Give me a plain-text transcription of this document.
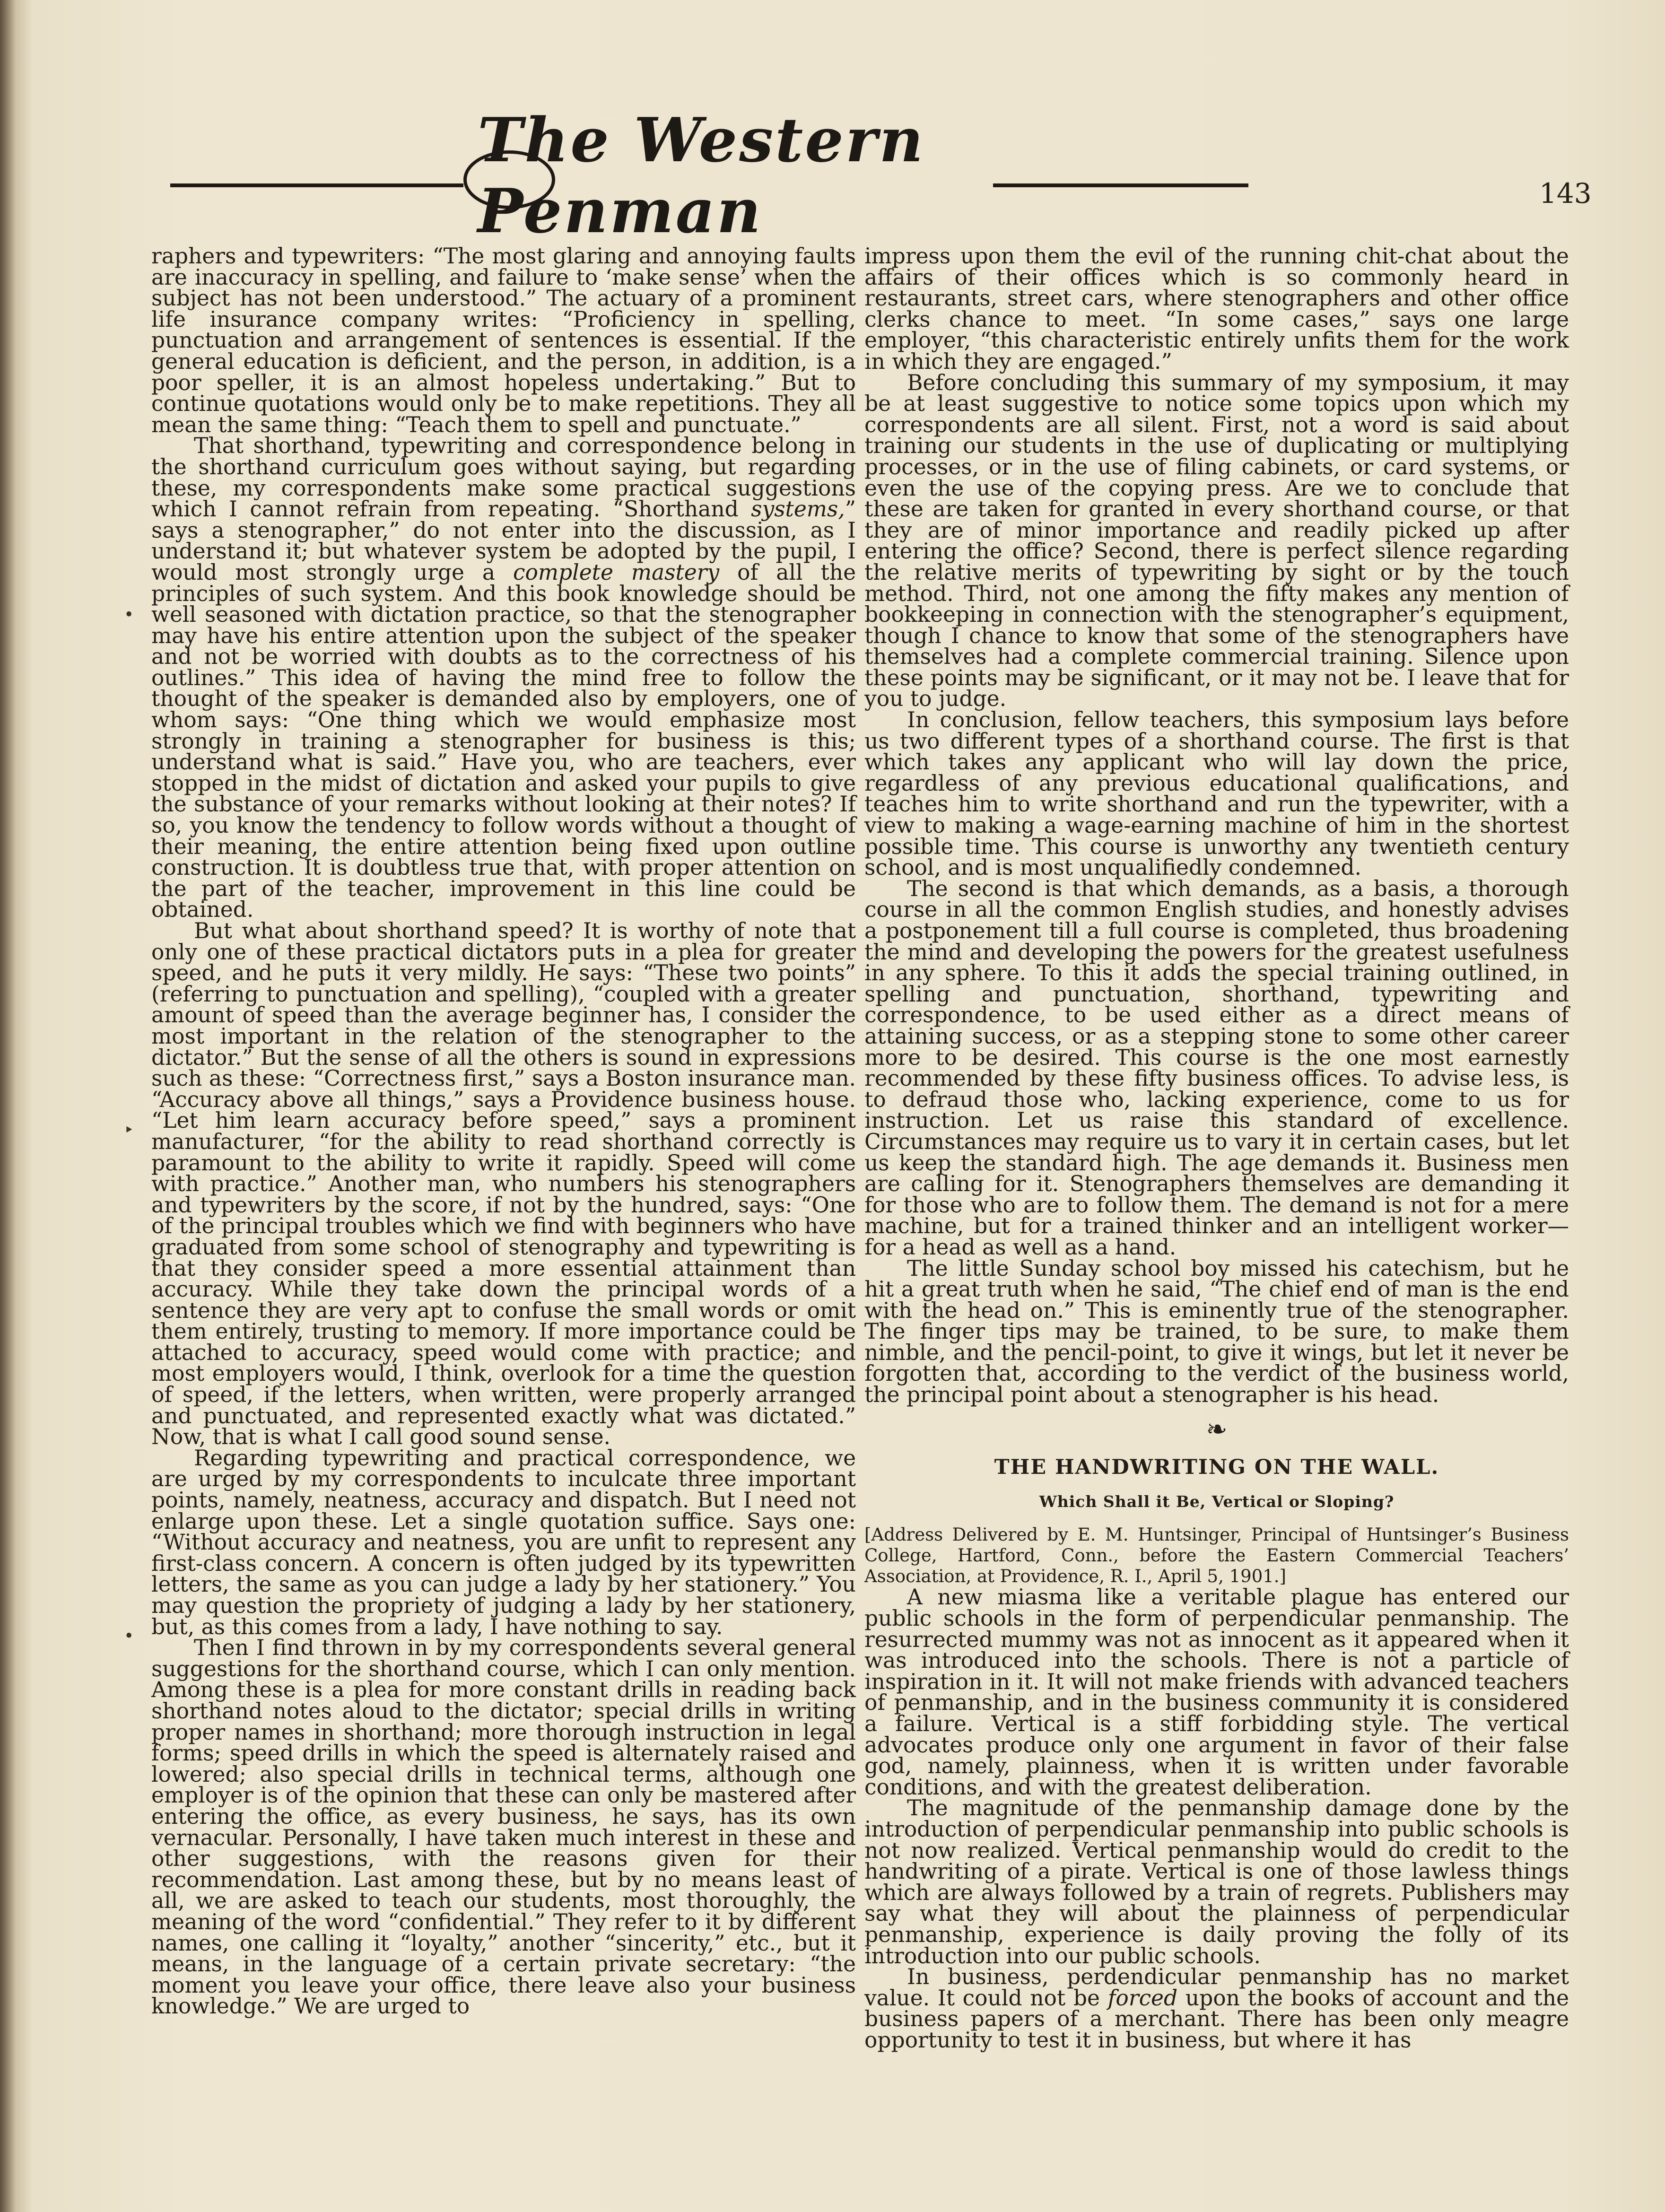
The Western Penman	143
•
‣
•

raphers and typewriters: “The most glaring and annoying faults are inaccuracy in spelling, and failure to ‘make sense’ when the subject has not been understood.” The actuary of a prominent life insurance company writes: “Proficiency in spelling, punctuation and arrangement of sentences is essential. If the general education is deficient, and the person, in addition, is a poor speller, it is an almost hopeless undertaking.” But to continue quotations would only be to make repetitions. They all mean the same thing: “Teach them to spell and punctuate.”

That shorthand, typewriting and correspondence belong in the shorthand curriculum goes without saying, but regarding these, my correspondents make some practical suggestions which I cannot refrain from repeating. “Shorthand systems,” says a stenographer,” do not enter into the discussion, as I understand it; but whatever system be adopted by the pupil, I would most strongly urge a complete mastery of all the principles of such system. And this book knowledge should be well seasoned with dictation practice, so that the stenographer may have his entire attention upon the subject of the speaker and not be worried with doubts as to the correctness of his outlines.” This idea of having the mind free to follow the thought of the speaker is demanded also by employers, one of whom says: “One thing which we would emphasize most strongly in training a stenographer for business is this; understand what is said.” Have you, who are teachers, ever stopped in the midst of dictation and asked your pupils to give the substance of your remarks without looking at their notes? If so, you know the tendency to follow words without a thought of their meaning, the entire attention being fixed upon outline construction. It is doubtless true that, with proper attention on the part of the teacher, improvement in this line could be obtained.

But what about shorthand speed? It is worthy of note that only one of these practical dictators puts in a plea for greater speed, and he puts it very mildly. He says: “These two points” (referring to punctuation and spelling), “coupled with a greater amount of speed than the average beginner has, I consider the most important in the relation of the stenographer to the dictator.” But the sense of all the others is sound in expressions such as these: “Correctness first,” says a Boston insurance man. “Accuracy above all things,” says a Providence business house. “Let him learn accuracy before speed,” says a prominent manufacturer, “for the ability to read shorthand correctly is paramount to the ability to write it rapidly. Speed will come with practice.” Another man, who numbers his stenographers and typewriters by the score, if not by the hundred, says: “One of the principal troubles which we find with beginners who have graduated from some school of stenography and typewriting is that they consider speed a more essential attainment than accuracy. While they take down the principal words of a sentence they are very apt to confuse the small words or omit them entirely, trusting to memory. If more importance could be attached to accuracy, speed would come with practice; and most employers would, I think, overlook for a time the question of speed, if the letters, when written, were properly arranged and punctuated, and represented exactly what was dictated.” Now, that is what I call good sound sense.

Regarding typewriting and practical correspondence, we are urged by my correspondents to inculcate three important points, namely, neatness, accuracy and dispatch. But I need not enlarge upon these. Let a single quotation suffice. Says one: “Without accuracy and neatness, you are unfit to represent any first-class concern. A concern is often judged by its typewritten letters, the same as you can judge a lady by her stationery.” You may question the propriety of judging a lady by her stationery, but, as this comes from a lady, I have nothing to say.

Then I find thrown in by my correspondents several general suggestions for the shorthand course, which I can only mention. Among these is a plea for more constant drills in reading back shorthand notes aloud to the dictator; special drills in writing proper names in shorthand; more thorough instruction in legal forms; speed drills in which the speed is alternately raised and lowered; also special drills in technical terms, although one employer is of the opinion that these can only be mastered after entering the office, as every business, he says, has its own vernacular. Personally, I have taken much interest in these and other suggestions, with the reasons given for their recommendation. Last among these, but by no means least of all, we are asked to teach our students, most thoroughly, the meaning of the word “confidential.” They refer to it by different names, one calling it “loyalty,” another “sincerity,” etc., but it means, in the language of a certain private secretary: “the moment you leave your office, there leave also your business knowledge.” We are urged to

impress upon them the evil of the running chit-chat about the affairs of their offices which is so commonly heard in restaurants, street cars, where stenographers and other office clerks chance to meet. “In some cases,” says one large employer, “this characteristic entirely unfits them for the work in which they are engaged.”

Before concluding this summary of my symposium, it may be at least suggestive to notice some topics upon which my correspondents are all silent. First, not a word is said about training our students in the use of duplicating or multiplying processes, or in the use of filing cabinets, or card systems, or even the use of the copying press. Are we to conclude that these are taken for granted in every shorthand course, or that they are of minor importance and readily picked up after entering the office? Second, there is perfect silence regarding the relative merits of typewriting by sight or by the touch method. Third, not one among the fifty makes any mention of bookkeeping in connection with the stenographer’s equipment, though I chance to know that some of the stenographers have themselves had a complete commercial training. Silence upon these points may be significant, or it may not be. I leave that for you to judge.

In conclusion, fellow teachers, this symposium lays before us two different types of a shorthand course. The first is that which takes any applicant who will lay down the price, regardless of any previous educational qualifications, and teaches him to write shorthand and run the typewriter, with a view to making a wage-earning machine of him in the shortest possible time. This course is unworthy any twentieth century school, and is most unqualifiedly condemned.

The second is that which demands, as a basis, a thorough course in all the common English studies, and honestly advises a postponement till a full course is completed, thus broadening the mind and developing the powers for the greatest usefulness in any sphere. To this it adds the special training outlined, in spelling and punctuation, shorthand, typewriting and correspondence, to be used either as a direct means of attaining success, or as a stepping stone to some other career more to be desired. This course is the one most earnestly recommended by these fifty business offices. To advise less, is to defraud those who, lacking experience, come to us for instruction. Let us raise this standard of excellence. Circumstances may require us to vary it in certain cases, but let us keep the standard high. The age demands it. Business men are calling for it. Stenographers themselves are demanding it for those who are to follow them. The demand is not for a mere machine, but for a trained thinker and an intelligent worker—for a head as well as a hand.

The little Sunday school boy missed his catechism, but he hit a great truth when he said, “The chief end of man is the end with the head on.” This is eminently true of the stenographer. The finger tips may be trained, to be sure, to make them nimble, and the pencil-point, to give it wings, but let it never be forgotten that, according to the verdict of the business world, the principal point about a stenographer is his head.

❧
THE HANDWRITING ON THE WALL.
Which Shall it Be, Vertical or Sloping?

[Address Delivered by E. M. Huntsinger, Principal of Huntsinger’s Business College, Hartford, Conn., before the Eastern Commercial Teachers’ Association, at Providence, R. I., April 5, 1901.]

A new miasma like a veritable plague has entered our public schools in the form of perpendicular penmanship. The resurrected mummy was not as innocent as it appeared when it was introduced into the schools. There is not a particle of inspiration in it. It will not make friends with advanced teachers of penmanship, and in the business community it is considered a failure. Vertical is a stiff forbidding style. The vertical advocates produce only one argument in favor of their false god, namely, plainness, when it is written under favorable conditions, and with the greatest deliberation.

The magnitude of the penmanship damage done by the introduction of perpendicular penmanship into public schools is not now realized. Vertical penmanship would do credit to the handwriting of a pirate. Vertical is one of those lawless things which are always followed by a train of regrets. Publishers may say what they will about the plainness of perpendicular penmanship, experience is daily proving the folly of its introduction into our public schools.

In business, perdendicular penmanship has no market value. It could not be forced upon the books of account and the business papers of a merchant. There has been only meagre opportunity to test it in business, but where it has
